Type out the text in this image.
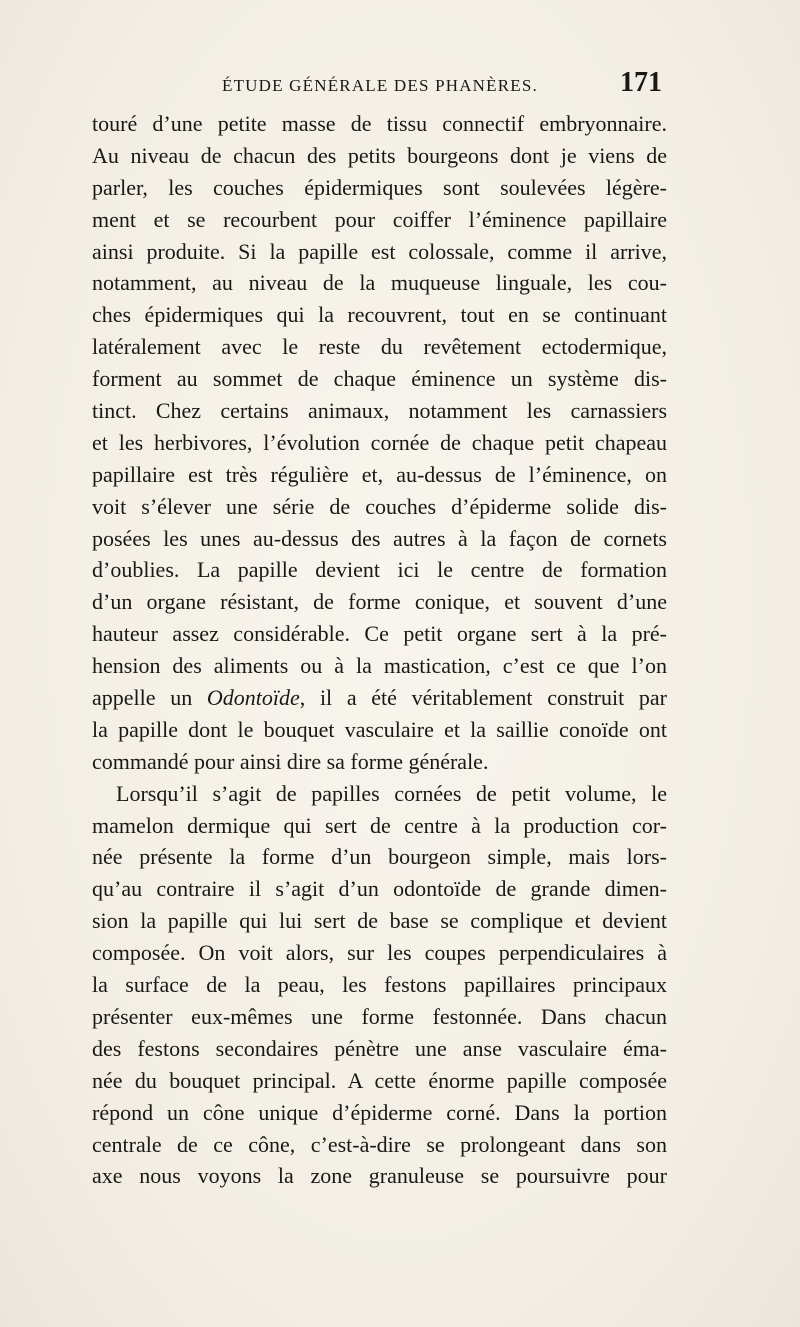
ÉTUDE GÉNÉRALE DES PHANÈRES.	171
touré d’une petite masse de tissu connectif embryonnaire.
Au niveau de chacun des petits bourgeons dont je viens de
parler, les couches épidermiques sont soulevées légère-
ment et se recourbent pour coiffer l’éminence papillaire
ainsi produite. Si la papille est colossale, comme il arrive,
notamment, au niveau de la muqueuse linguale, les cou-
ches épidermiques qui la recouvrent, tout en se continuant
latéralement avec le reste du revêtement ectodermique,
forment au sommet de chaque éminence un système dis-
tinct. Chez certains animaux, notamment les carnassiers
et les herbivores, l’évolution cornée de chaque petit chapeau
papillaire est très régulière et, au-dessus de l’éminence, on
voit s’élever une série de couches d’épiderme solide dis-
posées les unes au-dessus des autres à la façon de cornets
d’oublies. La papille devient ici le centre de formation
d’un organe résistant, de forme conique, et souvent d’une
hauteur assez considérable. Ce petit organe sert à la pré-
hension des aliments ou à la mastication, c’est ce que l’on
appelle un Odontoïde, il a été véritablement construit par
la papille dont le bouquet vasculaire et la saillie conoïde ont
commandé pour ainsi dire sa forme générale.
Lorsqu’il s’agit de papilles cornées de petit volume, le
mamelon dermique qui sert de centre à la production cor-
née présente la forme d’un bourgeon simple, mais lors-
qu’au contraire il s’agit d’un odontoïde de grande dimen-
sion la papille qui lui sert de base se complique et devient
composée. On voit alors, sur les coupes perpendiculaires à
la surface de la peau, les festons papillaires principaux
présenter eux-mêmes une forme festonnée. Dans chacun
des festons secondaires pénètre une anse vasculaire éma-
née du bouquet principal. A cette énorme papille composée
répond un cône unique d’épiderme corné. Dans la portion
centrale de ce cône, c’est-à-dire se prolongeant dans son
axe nous voyons la zone granuleuse se poursuivre pour
